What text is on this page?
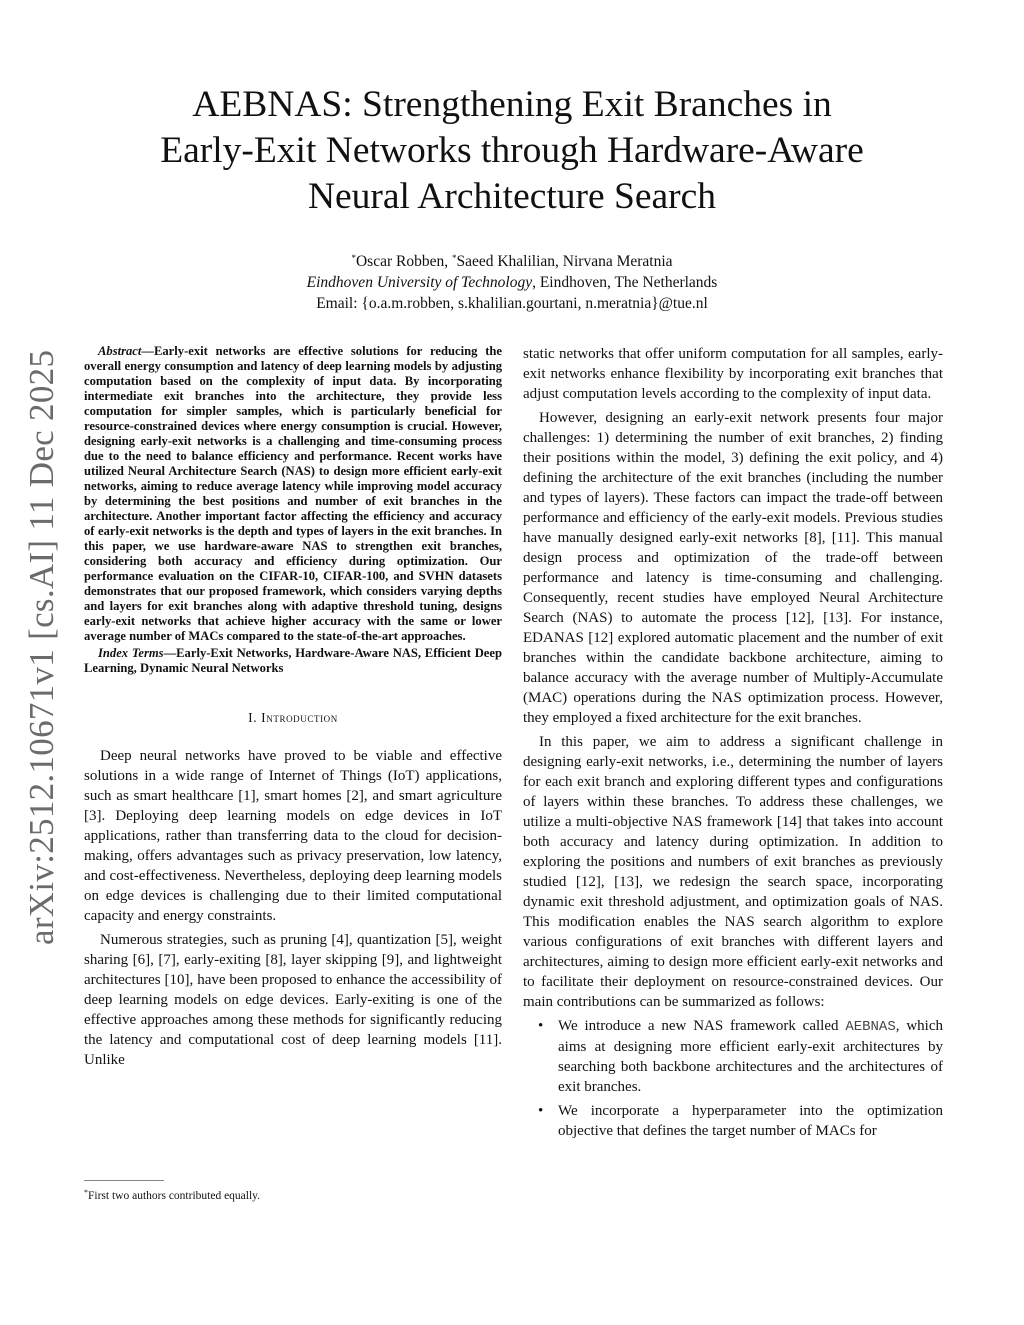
arXiv:2512.10671v1 [cs.AI] 11 Dec 2025
AEBNAS: Strengthening Exit Branches in
Early-Exit Networks through Hardware-Aware
Neural Architecture Search
*Oscar Robben, *Saeed Khalilian, Nirvana Meratnia
Eindhoven University of Technology, Eindhoven, The Netherlands
Email: {o.a.m.robben, s.khalilian.gourtani, n.meratnia}@tue.nl

Abstract—Early-exit networks are effective solutions for reducing the overall energy consumption and latency of deep learning models by adjusting computation based on the complexity of input data. By incorporating intermediate exit branches into the architecture, they provide less computation for simpler samples, which is particularly beneficial for resource-constrained devices where energy consumption is crucial. However, designing early-exit networks is a challenging and time-consuming process due to the need to balance efficiency and performance. Recent works have utilized Neural Architecture Search (NAS) to design more efficient early-exit networks, aiming to reduce average latency while improving model accuracy by determining the best positions and number of exit branches in the architecture. Another important factor affecting the efficiency and accuracy of early-exit networks is the depth and types of layers in the exit branches. In this paper, we use hardware-aware NAS to strengthen exit branches, considering both accuracy and efficiency during optimization. Our performance evaluation on the CIFAR-10, CIFAR-100, and SVHN datasets demonstrates that our proposed framework, which considers varying depths and layers for exit branches along with adaptive threshold tuning, designs early-exit networks that achieve higher accuracy with the same or lower average number of MACs compared to the state-of-the-art approaches.

Index Terms—Early-Exit Networks, Hardware-Aware NAS, Efficient Deep Learning, Dynamic Neural Networks

I. Introduction

Deep neural networks have proved to be viable and effective solutions in a wide range of Internet of Things (IoT) applications, such as smart healthcare [1], smart homes [2], and smart agriculture [3]. Deploying deep learning models on edge devices in IoT applications, rather than transferring data to the cloud for decision-making, offers advantages such as privacy preservation, low latency, and cost-effectiveness. Nevertheless, deploying deep learning models on edge devices is challenging due to their limited computational capacity and energy constraints.

Numerous strategies, such as pruning [4], quantization [5], weight sharing [6], [7], early-exiting [8], layer skipping [9], and lightweight architectures [10], have been proposed to enhance the accessibility of deep learning models on edge devices. Early-exiting is one of the effective approaches among these methods for significantly reducing the latency and computational cost of deep learning models [11]. Unlike

static networks that offer uniform computation for all samples, early-exit networks enhance flexibility by incorporating exit branches that adjust computation levels according to the complexity of input data.

However, designing an early-exit network presents four major challenges: 1) determining the number of exit branches, 2) finding their positions within the model, 3) defining the exit policy, and 4) defining the architecture of the exit branches (including the number and types of layers). These factors can impact the trade-off between performance and efficiency of the early-exit models. Previous studies have manually designed early-exit networks [8], [11]. This manual design process and optimization of the trade-off between performance and latency is time-consuming and challenging. Consequently, recent studies have employed Neural Architecture Search (NAS) to automate the process [12], [13]. For instance, EDANAS [12] explored automatic placement and the number of exit branches within the candidate backbone architecture, aiming to balance accuracy with the average number of Multiply-Accumulate (MAC) operations during the NAS optimization process. However, they employed a fixed architecture for the exit branches.

In this paper, we aim to address a significant challenge in designing early-exit networks, i.e., determining the number of layers for each exit branch and exploring different types and configurations of layers within these branches. To address these challenges, we utilize a multi-objective NAS framework [14] that takes into account both accuracy and latency during optimization. In addition to exploring the positions and numbers of exit branches as previously studied [12], [13], we redesign the search space, incorporating dynamic exit threshold adjustment, and optimization goals of NAS. This modification enables the NAS search algorithm to explore various configurations of exit branches with different layers and architectures, aiming to design more efficient early-exit networks and to facilitate their deployment on resource-constrained devices. Our main contributions can be summarized as follows:

• We introduce a new NAS framework called AEBNAS, which aims at designing more efficient early-exit architectures by searching both backbone architectures and the architectures of exit branches.
• We incorporate a hyperparameter into the optimization objective that defines the target number of MACs for
*First two authors contributed equally.
